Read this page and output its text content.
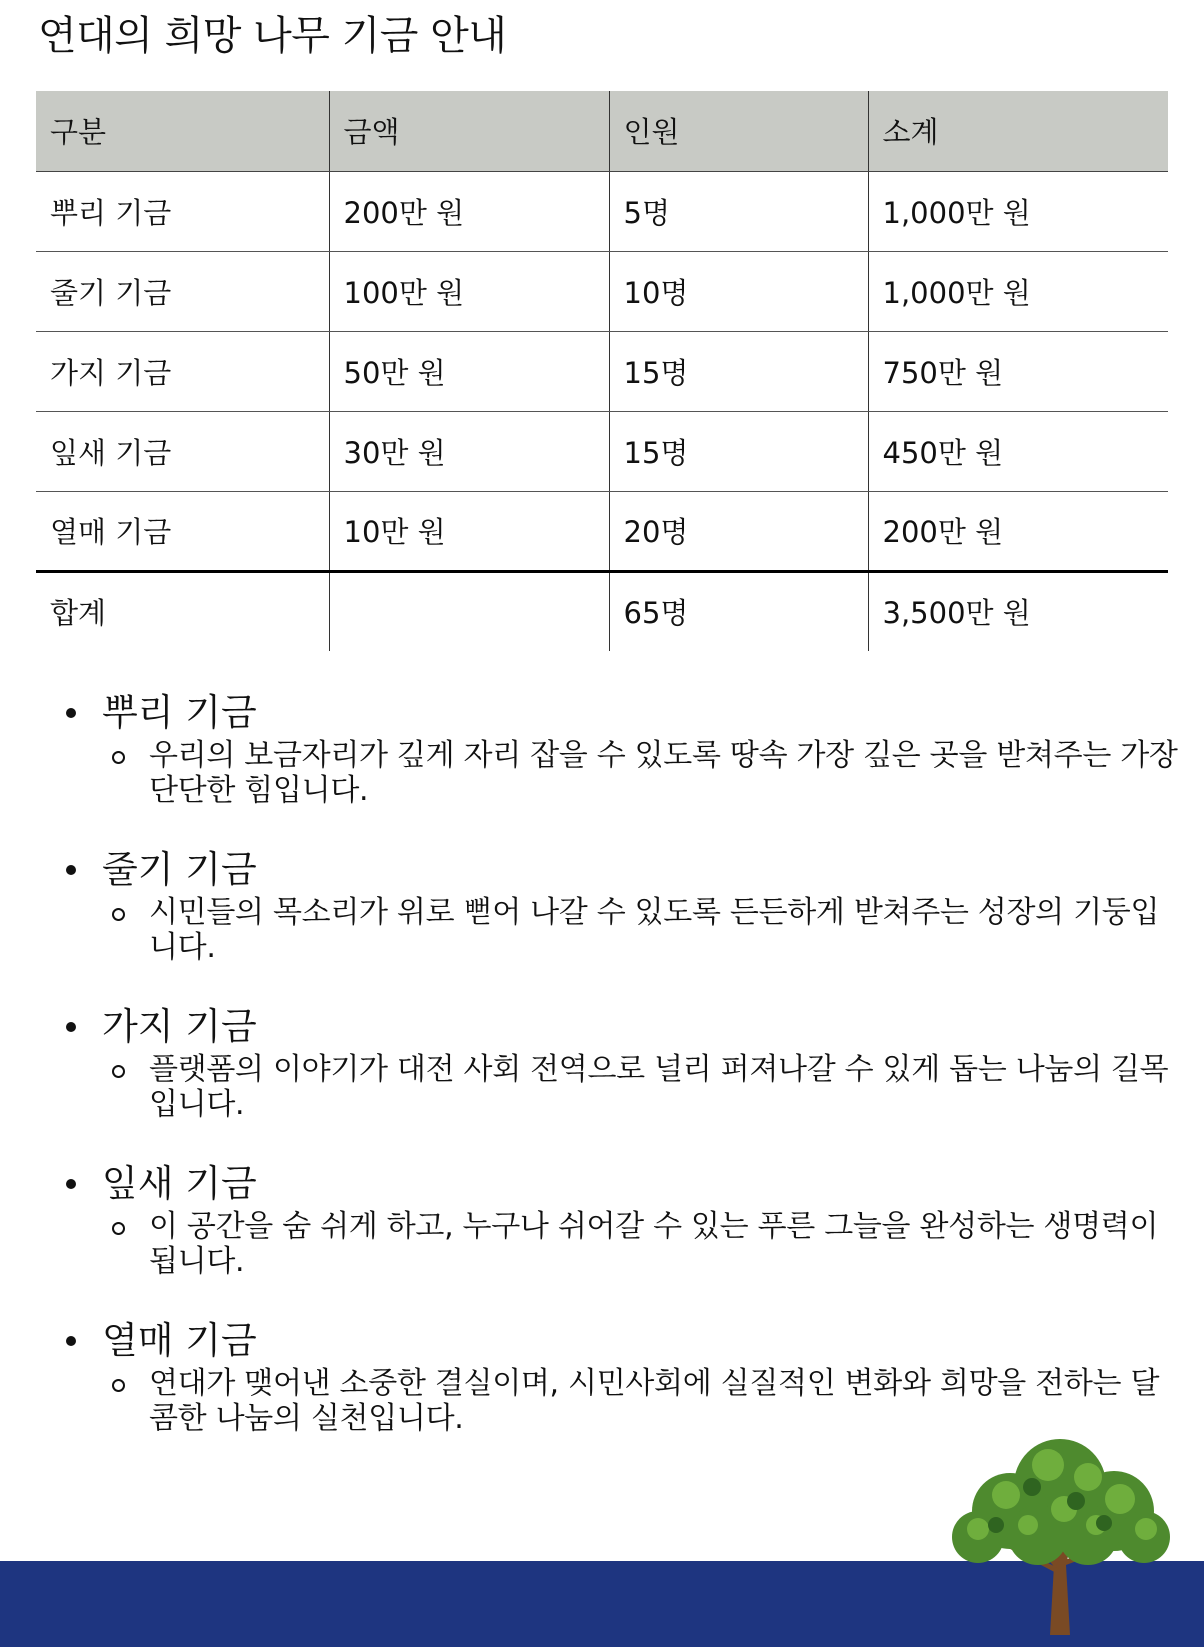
연대의 희망 나무 기금 안내
구분	금액	인원	소계
뿌리 기금	200만 원	5명	1,000만 원
줄기 기금	100만 원	10명	1,000만 원
가지 기금	50만 원	15명	750만 원
잎새 기금	30만 원	15명	450만 원
열매 기금	10만 원	20명	200만 원
합계		65명	3,500만 원
뿌리 기금
우리의 보금자리가 깊게 자리 잡을 수 있도록 땅속 가장 깊은 곳을 받쳐주는 가장 단단한 힘입니다.
줄기 기금
시민들의 목소리가 위로 뻗어 나갈 수 있도록 든든하게 받쳐주는 성장의 기둥입니다.
가지 기금
플랫폼의 이야기가 대전 사회 전역으로 널리 퍼져나갈 수 있게 돕는 나눔의 길목입니다.
잎새 기금
이 공간을 숨 쉬게 하고, 누구나 쉬어갈 수 있는 푸른 그늘을 완성하는 생명력이 됩니다.
열매 기금
연대가 맺어낸 소중한 결실이며, 시민사회에 실질적인 변화와 희망을 전하는 달콤한 나눔의 실천입니다.
